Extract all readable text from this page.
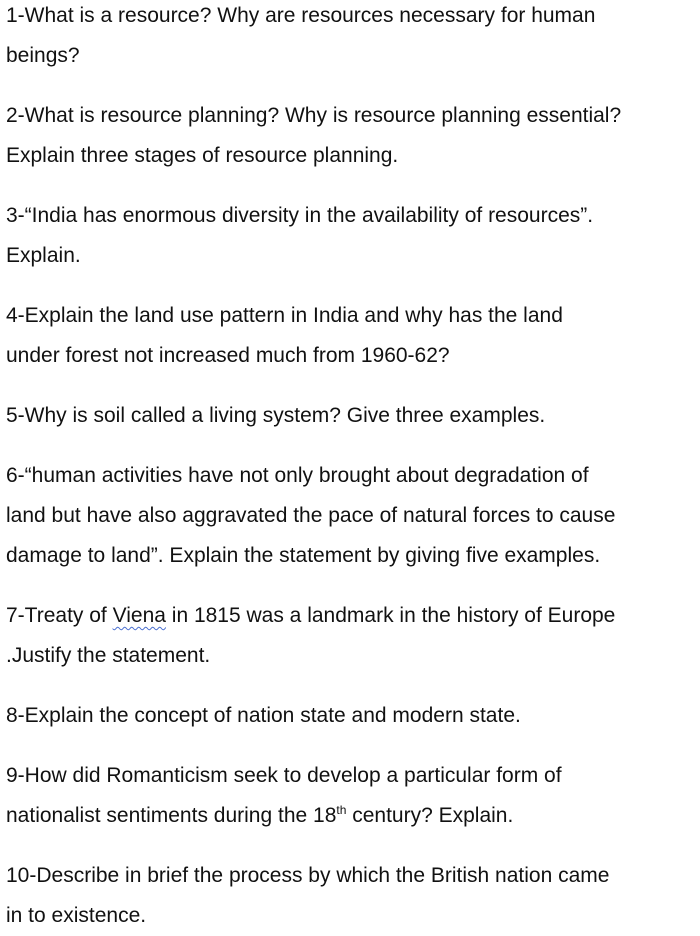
1-What is a resource? Why are resources necessary for human
beings?

2-What is resource planning? Why is resource planning essential?
Explain three stages of resource planning.

3-“India has enormous diversity in the availability of resources”.
Explain.

4-Explain the land use pattern in India and why has the land
under forest not increased much from 1960-62?

5-Why is soil called a living system? Give three examples.

6-“human activities have not only brought about degradation of
land but have also aggravated the pace of natural forces to cause
damage to land”. Explain the statement by giving five examples.

7-Treaty of Viena in 1815 was a landmark in the history of Europe
.Justify the statement.

8-Explain the concept of nation state and modern state.

9-How did Romanticism seek to develop a particular form of
nationalist sentiments during the 18th century? Explain.

10-Describe in brief the process by which the British nation came
in to existence.
